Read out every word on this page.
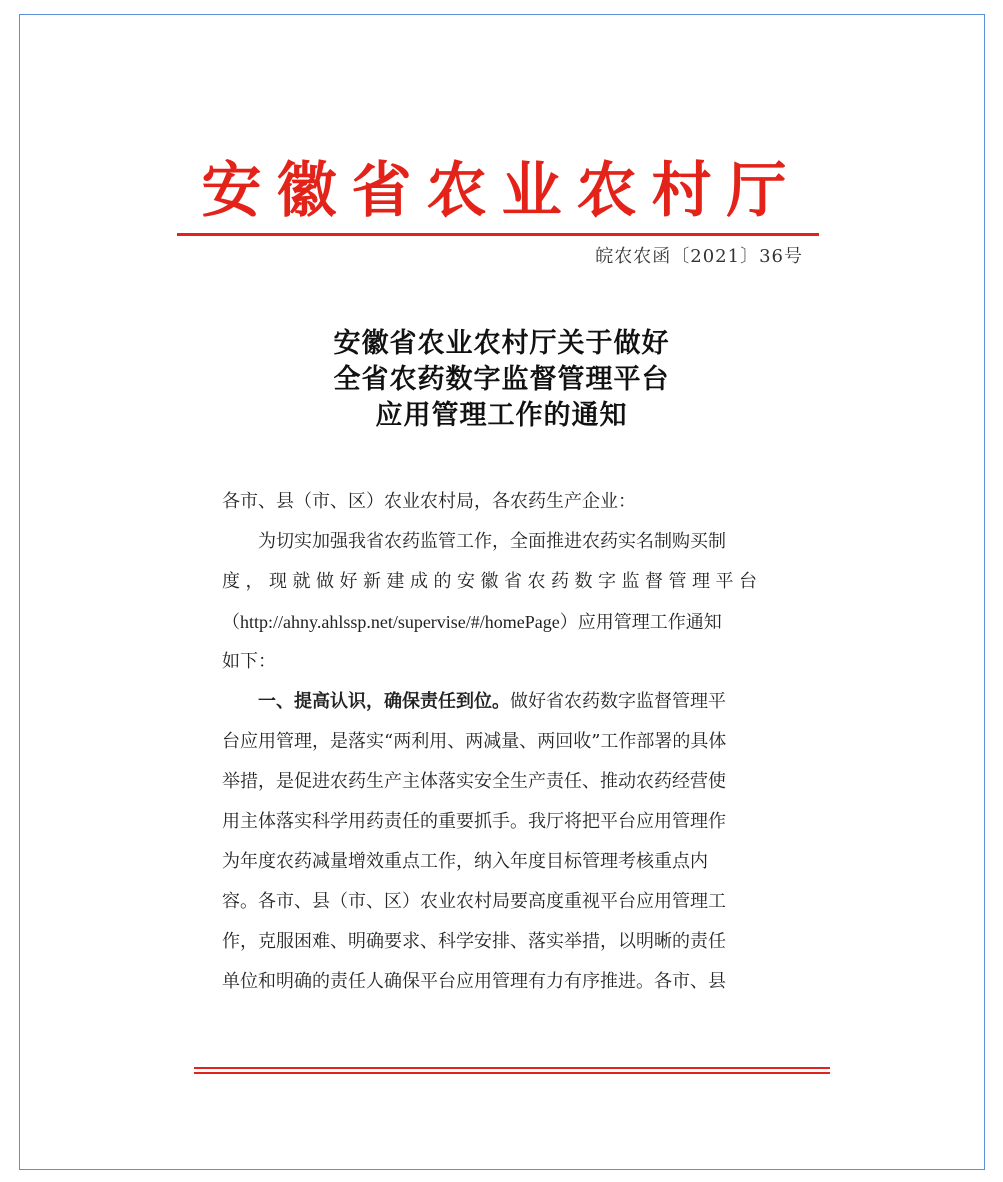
安徽省农业农村厅
皖农农函〔2021〕36号
安徽省农业农村厅关于做好
全省农药数字监督管理平台
应用管理工作的通知
各市、县（市、区）农业农村局，各农药生产企业：
为切实加强我省农药监管工作，全面推进农药实名制购买制
度，现就做好新建成的安徽省农药数字监督管理平台
（http://ahny.ahlssp.net/supervise/#/homePage）应用管理工作通知
如下：
一、提高认识，确保责任到位。 做好省农药数字监督管理平
台应用管理，是落实“两利用、两减量、两回收”工作部署的具体
举措，是促进农药生产主体落实安全生产责任、推动农药经营使
用主体落实科学用药责任的重要抓手。我厅将把平台应用管理作
为年度农药减量增效重点工作，纳入年度目标管理考核重点内
容。各市、县（市、区）农业农村局要高度重视平台应用管理工
作，克服困难、明确要求、科学安排、落实举措，以明晰的责任
单位和明确的责任人确保平台应用管理有力有序推进。各市、县
